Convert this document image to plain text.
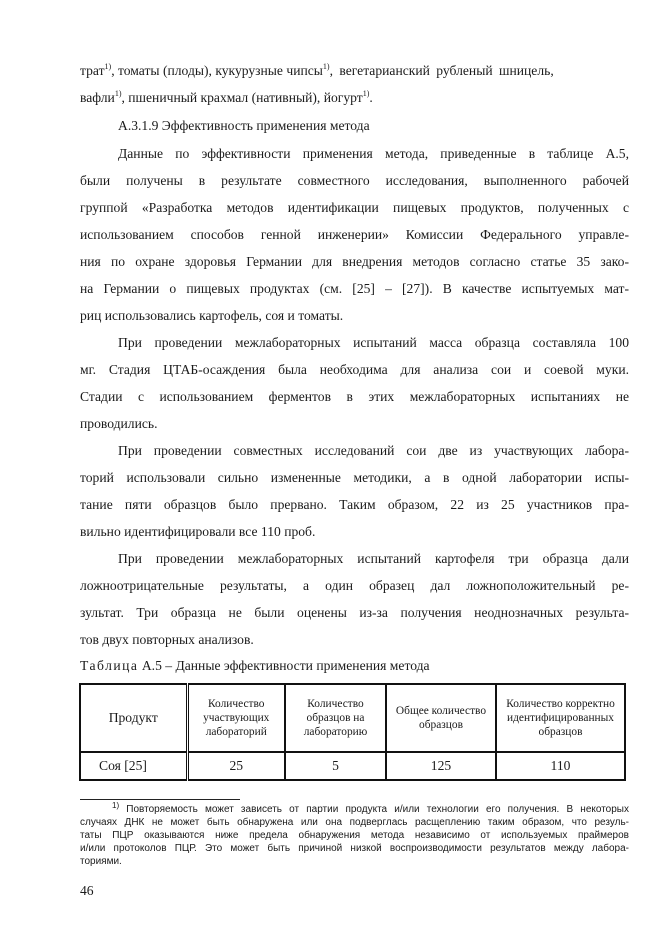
трат$^{1)}$, томаты (плоды), кукурузные чипсы$^{1)}$, вегетарианский рубленый шницель,
вафли$^{1)}$, пшеничный крахмал (нативный), йогурт$^{1)}$.
А.3.1.9 Эффективность применения метода
Данные по эффективности применения метода, приведенные в таблице А.5,
были получены в результате совместного исследования, выполненного рабочей
группой «Разработка методов идентификации пищевых продуктов, полученных с
использованием способов генной инженерии» Комиссии Федерального управле-
ния по охране здоровья Германии для внедрения методов согласно статье 35 зако-
на Германии о пищевых продуктах (см. [25] – [27]). В качестве испытуемых мат-
риц использовались картофель, соя и томаты.
При проведении межлабораторных испытаний масса образца составляла 100
мг. Стадия ЦТАБ-осаждения была необходима для анализа сои и соевой муки.
Стадии с использованием ферментов в этих межлабораторных испытаниях не
проводились.
При проведении совместных исследований сои две из участвующих лабора-
торий использовали сильно измененные методики, а в одной лаборатории испы-
тание пяти образцов было прервано. Таким образом, 22 из 25 участников пра-
вильно идентифицировали все 110 проб.
При проведении межлабораторных испытаний картофеля три образца дали
ложноотрицательные результаты, а один образец дал ложноположительный ре-
зультат. Три образца не были оценены из-за получения неоднозначных результа-
тов двух повторных анализов.
Таблица А.5 – Данные эффективности применения метода
Продукт	Количество участвующих лабораторий	Количество образцов на лабораторию	Общее количество образцов	Количество корректно идентифицированных образцов
Соя [25]	25	5	125	110
$^{1)}$ Повторяемость может зависеть от партии продукта и/или технологии его получения. В некоторых
случаях ДНК не может быть обнаружена или она подверглась расщеплению таким образом, что резуль-
таты ПЦР оказываются ниже предела обнаружения метода независимо от используемых праймеров
и/или протоколов ПЦР. Это может быть причиной низкой воспроизводимости результатов между лабора-
ториями.
46
